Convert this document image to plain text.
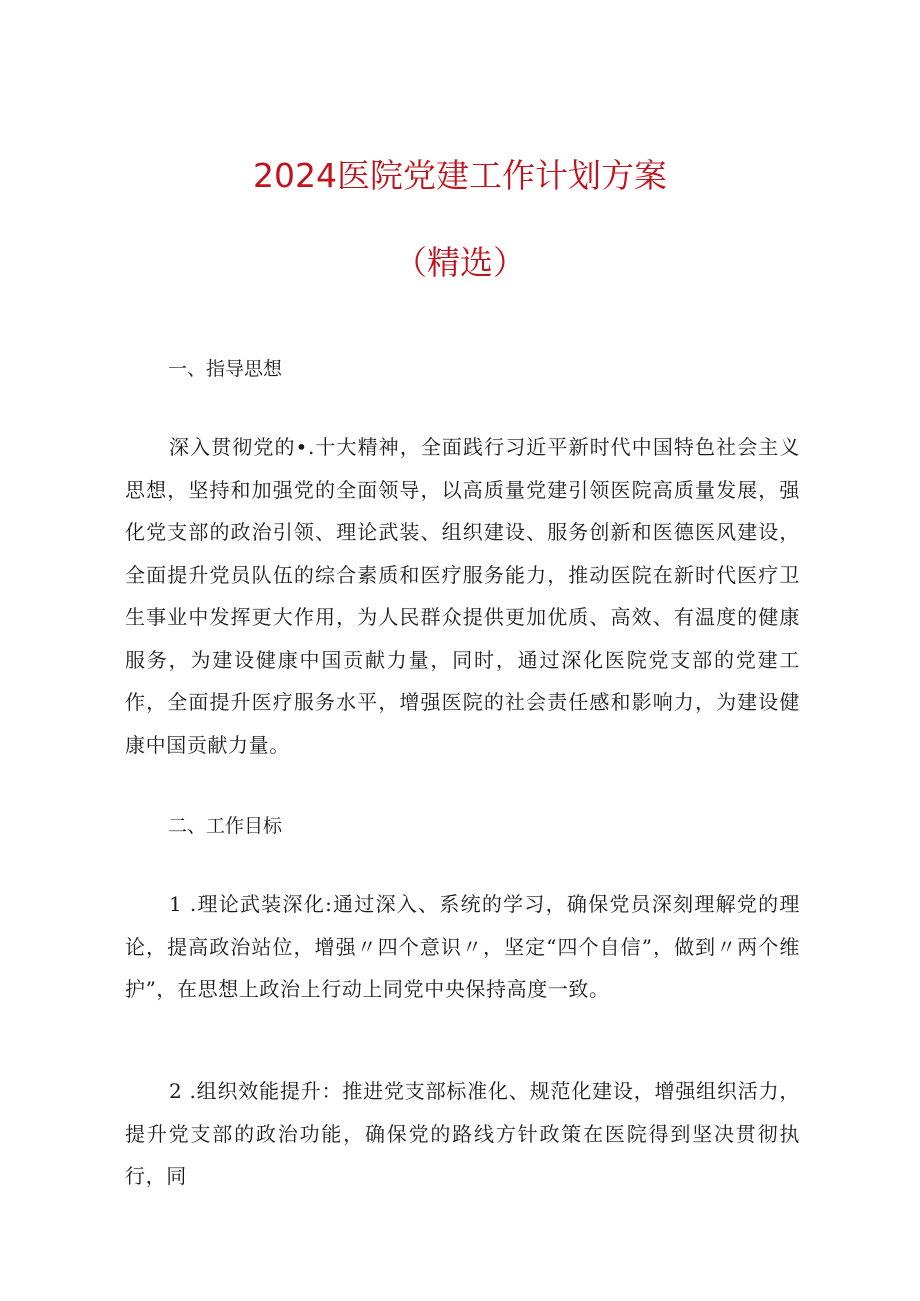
2024医院党建工作计划方案
（精选）
一、指导思想

深入贯彻党的•.十大精神，全面践行习近平新时代中国特色社会主义思想，坚持和加强党的全面领导，以高质量党建引领医院高质量发展，强化党支部的政治引领、理论武装、组织建设、服务创新和医德医风建设，全面提升党员队伍的综合素质和医疗服务能力，推动医院在新时代医疗卫生事业中发挥更大作用，为人民群众提供更加优质、高效、有温度的健康服务，为建设健康中国贡献力量，同时，通过深化医院党支部的党建工作，全面提升医疗服务水平，增强医院的社会责任感和影响力，为建设健康中国贡献力量。

二、工作目标

1 .理论武装深化:通过深入、系统的学习，确保党员深刻理解党的理论，提高政治站位，增强〃四个意识〃，坚定“四个自信”，做到〃两个维护”，在思想上政治上行动上同党中央保持高度一致。

2 .组织效能提升：推进党支部标准化、规范化建设，增强组织活力，提升党支部的政治功能，确保党的路线方针政策在医院得到坚决贯彻执行，同
